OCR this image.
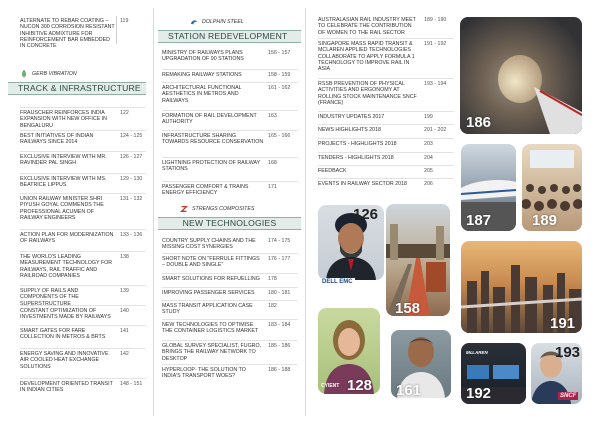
GERB VIBRATION
TRACK & INFRASTRUCTURE
DOLPHIN STEEL
STATION REDEVELOPMENT
STRENGS COMPOSITES
NEW TECHNOLOGIES	126
DELL EMC
158
CYIENT 128 161
186
187	189
191
McLAREN
192
193
SNCF
ALTERNATE TO REBAR COATING – NUCON 300 CORROSION RESISTANT INHIBITIVE ADMIXTURE FOR REINFORCEMENT BAR EMBEDDED IN CONCRETE
119
FRAUSCHER REINFORCES INDIA EXPANSION WITH NEW OFFICE IN BENGALURU
122
BEST INITIATIVES OF INDIAN RAILWAYS SINCE 2014
124 - 125
EXCLUSIVE INTERVIEW WITH MR. RAVINDER PAL SINGH
126 - 127
EXCLUSIVE INTERVIEW WITH MS. BEATRICE LIPPUS
129 - 130
UNION RAILWAY MINISTER SHRI PIYUSH GOYAL COMMENDS THE PROFESSIONAL ACUMEN OF RAILWAY ENGINEERS
131 - 132
ACTION PLAN FOR MODERNIZATION OF RAILWAYS
133 - 136
THE WORLD'S LEADING MEASUREMENT TECHNOLOGY FOR RAILWAYS, RAIL TRAFFIC AND RAILROAD COMPANIES
138
SUPPLY OF RAILS AND COMPONENTS OF THE SUPERSTRUCTURE
139
CONSTANT OPTIMIZATION OF INVESTMENTS MADE BY RAILWAYS
140
SMART GATES FOR FARE COLLECTION IN METROS & BRTS
141
ENERGY SAVING AND INNOVATIVE AIR COOLED HEAT EXCHANGE SOLUTIONS
142
DEVELOPMENT ORIENTED TRANSIT IN INDIAN CITIES
148 - 151
MINISTRY OF RAILWAYS PLANS UPGRADATION OF 90 STATIONS
156 - 157
REMAKING RAILWAY STATIONS	158 - 159
ARCHITECTURAL FUNCTIONAL AESTHETICS IN METROS AND RAILWAYS
161 - 162
FORMATION OF RAIL DEVELOPMENT AUTHORITY
163
INFRASTRUCTURE SHARING TOWARDS RESOURCE CONSERVATION
165 - 166
LIGHTNING PROTECTION OF RAILWAY STATIONS
168
PASSENGER COMFORT & TRAINS ENERGY EFFICIENCY
171
COUNTRY SUPPLY CHAINS AND THE MISSING COST SYNERGIES
174 - 175
SHORT NOTE ON "FERRULE FITTINGS – DOUBLE AND SINGLE"
176 - 177
SMART SOLUTIONS FOR REFUELLING	178
IMPROVING PASSENGER SERVICES	180 - 181
MASS TRANSIT APPLICATION CASE STUDY
182
NEW TECHNOLOGIES TO OPTIMISE THE CONTAINER LOGISTICS MARKET
183 - 184
GLOBAL SURVEY SPECIALIST, FUGRO, BRINGS THE RAILWAY NETWORK TO DESKTOP
185 - 186
HYPERLOOP- THE SOLUTION TO INDIA'S TRANSPORT WOES?
186 - 188
AUSTRALASIAN RAIL INDUSTRY MEET TO CELEBRATE THE CONTRIBUTION OF WOMEN TO THE RAIL SECTOR
189 - 190
SINGAPORE MASS RAPID TRANSIT & MCLAREN APPLIED TECHNOLOGIES COLLABORATE TO APPLY FORMULA 1 TECHNOLOGY TO IMPROVE RAIL IN ASIA
191 - 192
RSSB PREVENTION OF PHYSICAL ACTIVITIES AND ERGONOMY AT ROLLING STOCK MAINTENANCE SNCF (FRANCE)
193 - 194
INDUSTRY UPDATES 2017	199
NEWS HIGHLIGHTS 2018	201 - 202
PROJECTS - HIGHLIGHTS 2018	203
TENDERS - HIGHLIGHTS 2018	204
FEEDBACK	205
EVENTS IN RAILWAY SECTOR 2018	206
